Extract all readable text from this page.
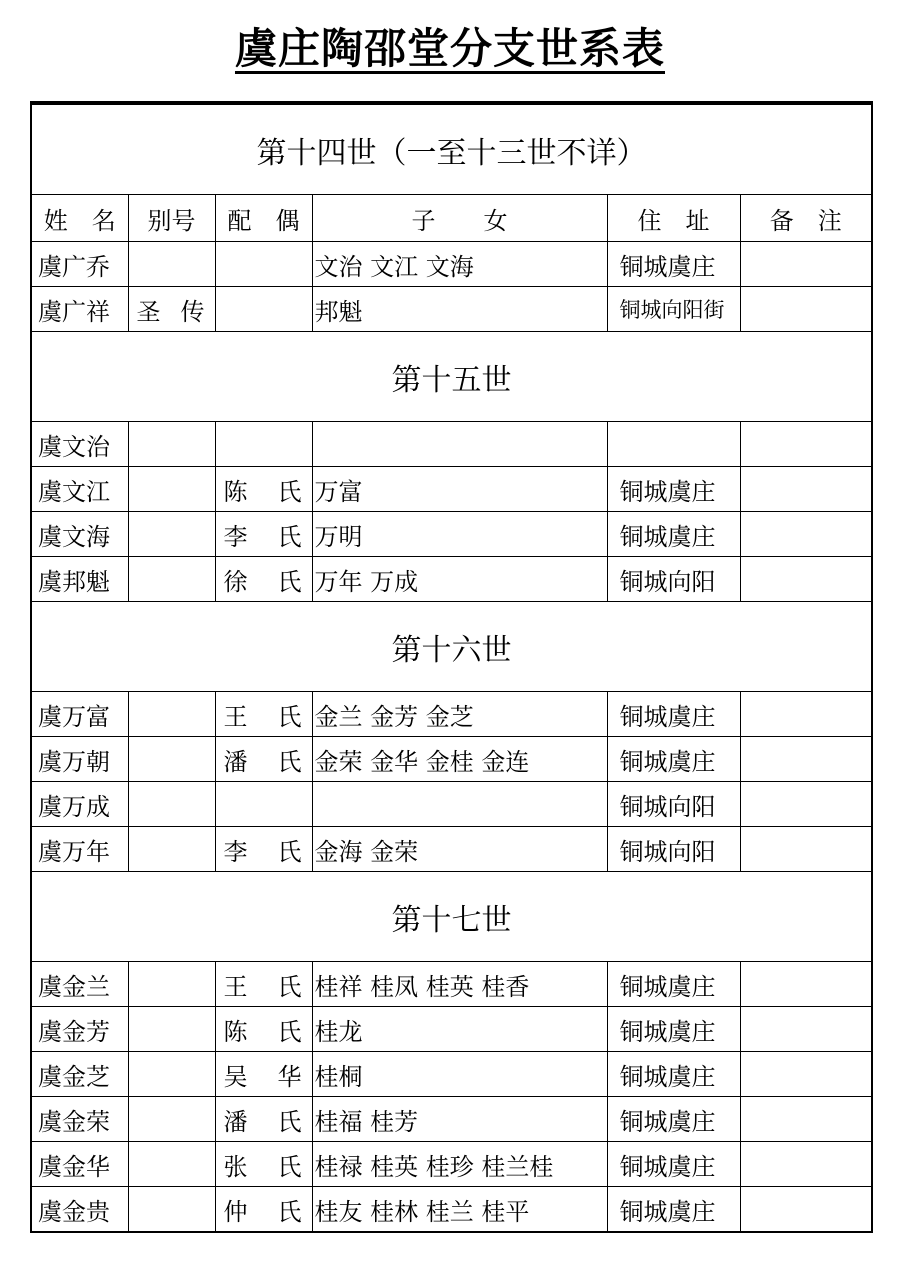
虞庄陶邵堂分支世系表
第十四世（一至十三世不详）					
姓　名	别号	配　偶	子　　女	住　址	备　注
虞广乔			文治 文江 文海	铜城虞庄	
虞广祥	圣 传		邦魁	铜城向阳街	
第十五世					
虞文治					
虞文江		陈 氏	万富	铜城虞庄	
虞文海		李 氏	万明	铜城虞庄	
虞邦魁		徐 氏	万年 万成	铜城向阳	
第十六世					
虞万富		王 氏	金兰 金芳 金芝	铜城虞庄	
虞万朝		潘 氏	金荣 金华 金桂 金连	铜城虞庄	
虞万成				铜城向阳	
虞万年		李 氏	金海 金荣	铜城向阳	
第十七世					
虞金兰		王 氏	桂祥 桂凤 桂英 桂香	铜城虞庄	
虞金芳		陈 氏	桂龙	铜城虞庄	
虞金芝		吴 华	桂桐	铜城虞庄	
虞金荣		潘 氏	桂福 桂芳	铜城虞庄	
虞金华		张 氏	桂禄 桂英 桂珍 桂兰桂	铜城虞庄	
虞金贵		仲 氏	桂友 桂林 桂兰 桂平	铜城虞庄	
